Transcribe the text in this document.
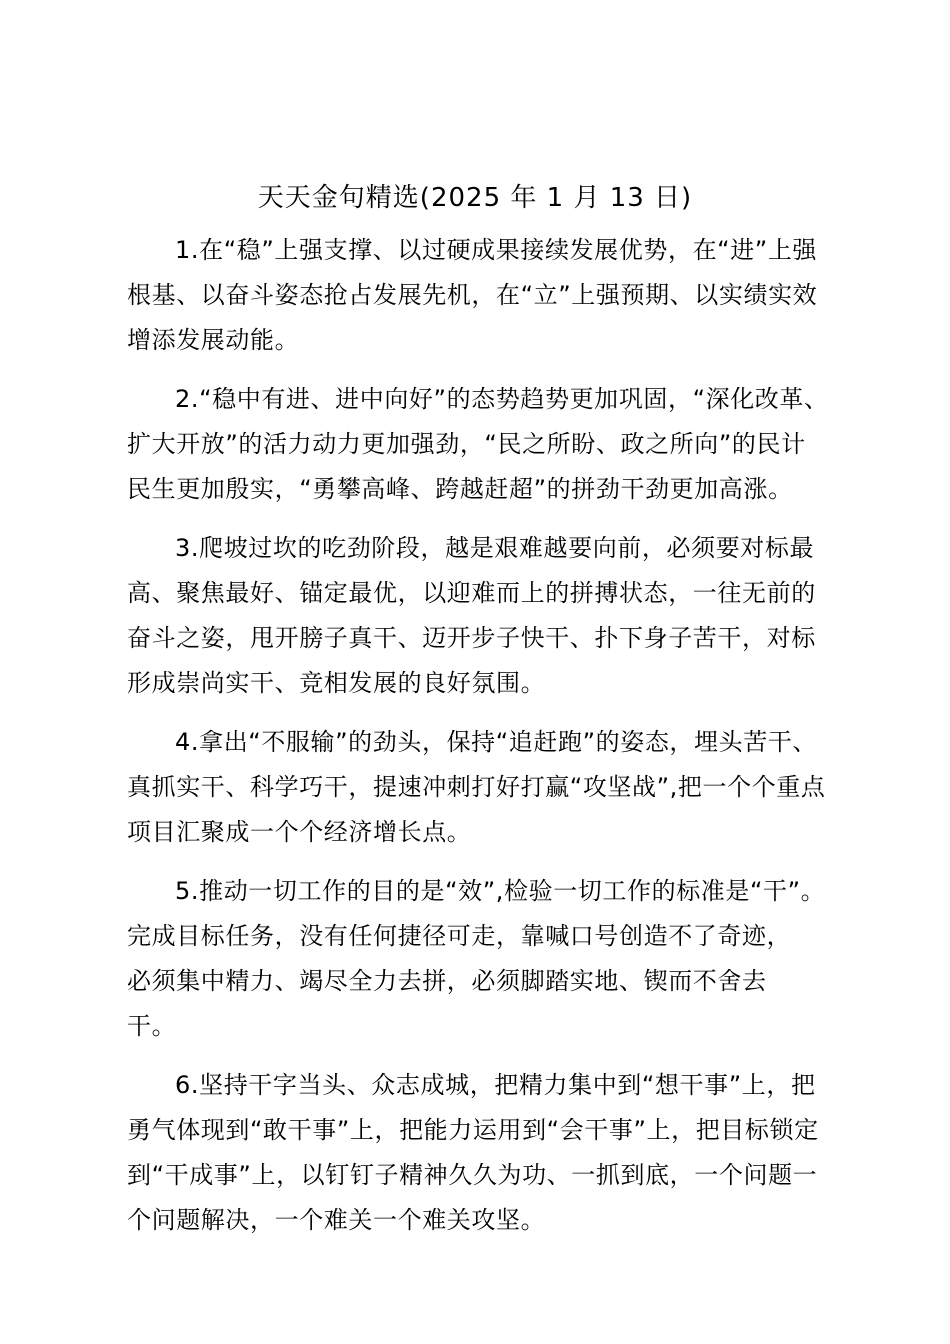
天天金句精选(2025 年 1 月 13 日)
1.在“稳”上强支撑、以过硬成果接续发展优势，在“进”上强
根基、以奋斗姿态抢占发展先机，在“立”上强预期、以实绩实效
增添发展动能。
2.“稳中有进、进中向好”的态势趋势更加巩固，“深化改革、
扩大开放”的活力动力更加强劲，“民之所盼、政之所向”的民计
民生更加殷实，“勇攀高峰、跨越赶超”的拼劲干劲更加高涨。
3.爬坡过坎的吃劲阶段，越是艰难越要向前，必须要对标最
高、聚焦最好、锚定最优，以迎难而上的拼搏状态，一往无前的
奋斗之姿，甩开膀子真干、迈开步子快干、扑下身子苦干，对标
形成崇尚实干、竞相发展的良好氛围。
4.拿出“不服输”的劲头，保持“追赶跑”的姿态，埋头苦干、
真抓实干、科学巧干，提速冲刺打好打赢“攻坚战”,把一个个重点
项目汇聚成一个个经济增长点。
5.推动一切工作的目的是“效”,检验一切工作的标准是“干”。
完成目标任务，没有任何捷径可走，靠喊口号创造不了奇迹，
必须集中精力、竭尽全力去拼，必须脚踏实地、锲而不舍去
干。
6.坚持干字当头、众志成城，把精力集中到“想干事”上，把
勇气体现到“敢干事”上，把能力运用到“会干事”上，把目标锁定
到“干成事”上，以钉钉子精神久久为功、一抓到底，一个问题一
个问题解决，一个难关一个难关攻坚。
